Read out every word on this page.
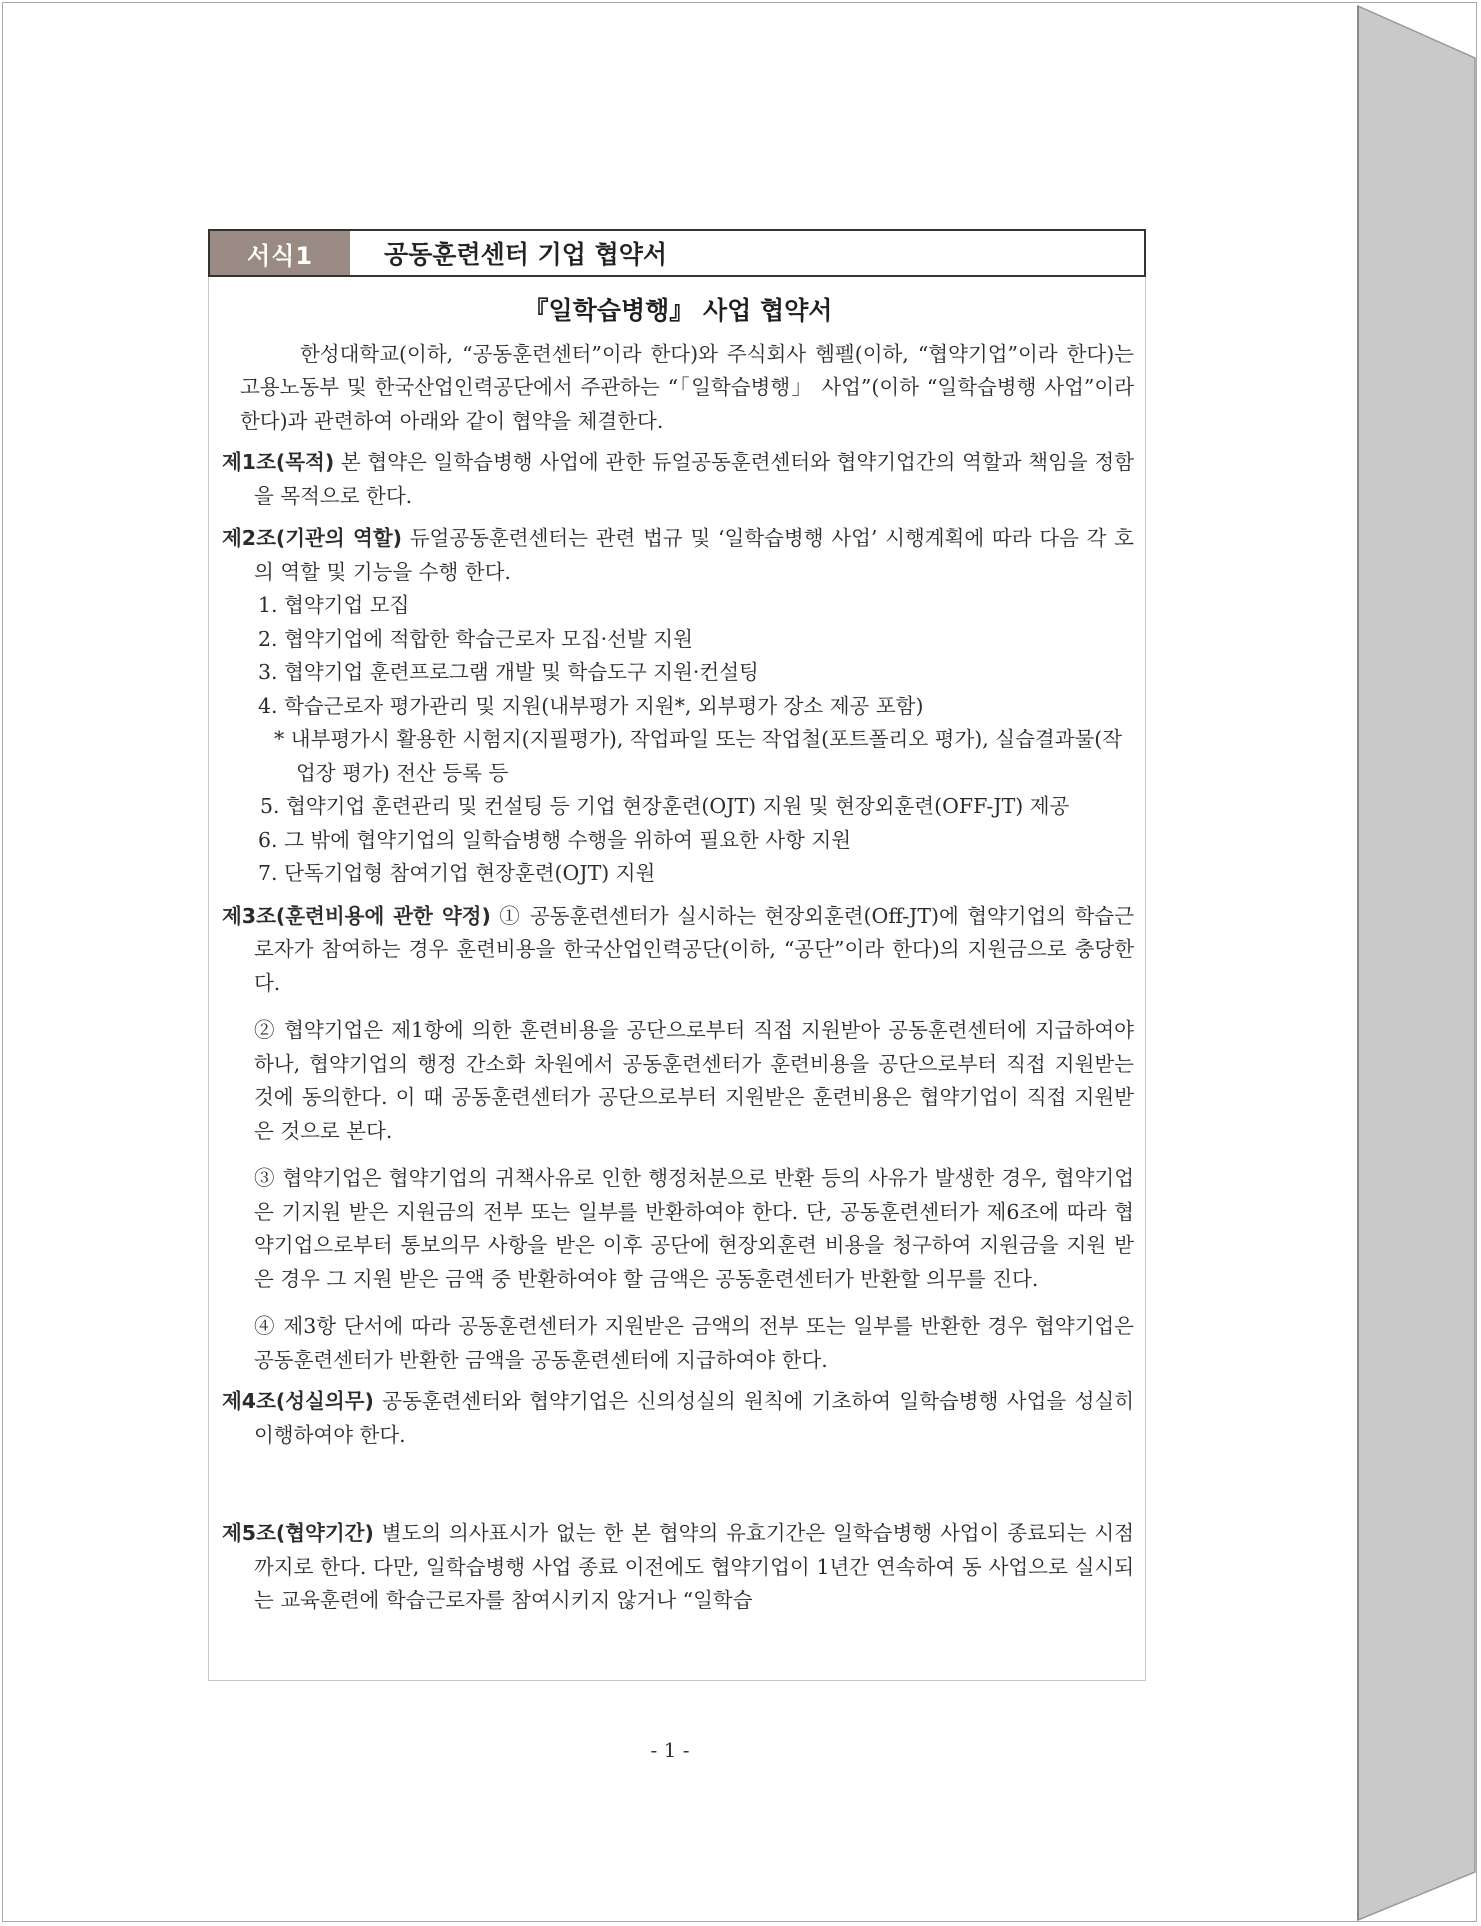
서식1	공동훈련센터 기업 협약서
『일학습병행』 사업 협약서

한성대학교(이하, “공동훈련센터”이라 한다)와 주식회사 헴펠(이하, “협약기업”이라 한다)는 고용노동부 및 한국산업인력공단에서 주관하는 “「일학습병행」 사업”(이하 “일학습병행 사업”이라 한다)과 관련하여 아래와 같이 협약을 체결한다.

제1조(목적) 본 협약은 일학습병행 사업에 관한 듀얼공동훈련센터와 협약기업간의 역할과 책임을 정함을 목적으로 한다.

제2조(기관의 역할) 듀얼공동훈련센터는 관련 법규 및 ‘일학습병행 사업’ 시행계획에 따라 다음 각 호의 역할 및 기능을 수행 한다.
1. 협약기업 모집
2. 협약기업에 적합한 학습근로자 모집·선발 지원
3. 협약기업 훈련프로그램 개발 및 학습도구 지원·컨설팅
4. 학습근로자 평가관리 및 지원(내부평가 지원*, 외부평가 장소 제공 포함)

* 내부평가시 활용한 시험지(지필평가), 작업파일 또는 작업철(포트폴리오 평가), 실습결과물(작업장 평가) 전산 등록 등

5. 협약기업 훈련관리 및 컨설팅 등 기업 현장훈련(OJT) 지원 및 현장외훈련(OFF-JT) 제공
6. 그 밖에 협약기업의 일학습병행 수행을 위하여 필요한 사항 지원
7. 단독기업형 참여기업 현장훈련(OJT) 지원

제3조(훈련비용에 관한 약정) ① 공동훈련센터가 실시하는 현장외훈련(Off-JT)에 협약기업의 학습근로자가 참여하는 경우 훈련비용을 한국산업인력공단(이하, “공단”이라 한다)의 지원금으로 충당한다.

② 협약기업은 제1항에 의한 훈련비용을 공단으로부터 직접 지원받아 공동훈련센터에 지급하여야 하나, 협약기업의 행정 간소화 차원에서 공동훈련센터가 훈련비용을 공단으로부터 직접 지원받는 것에 동의한다. 이 때 공동훈련센터가 공단으로부터 지원받은 훈련비용은 협약기업이 직접 지원받은 것으로 본다.

③ 협약기업은 협약기업의 귀책사유로 인한 행정처분으로 반환 등의 사유가 발생한 경우, 협약기업은 기지원 받은 지원금의 전부 또는 일부를 반환하여야 한다. 단, 공동훈련센터가 제6조에 따라 협약기업으로부터 통보의무 사항을 받은 이후 공단에 현장외훈련 비용을 청구하여 지원금을 지원 받은 경우 그 지원 받은 금액 중 반환하여야 할 금액은 공동훈련센터가 반환할 의무를 진다.

④ 제3항 단서에 따라 공동훈련센터가 지원받은 금액의 전부 또는 일부를 반환한 경우 협약기업은 공동훈련센터가 반환한 금액을 공동훈련센터에 지급하여야 한다.

제4조(성실의무) 공동훈련센터와 협약기업은 신의성실의 원칙에 기초하여 일학습병행 사업을 성실히 이행하여야 한다.

제5조(협약기간) 별도의 의사표시가 없는 한 본 협약의 유효기간은 일학습병행 사업이 종료되는 시점까지로 한다. 다만, 일학습병행 사업 종료 이전에도 협약기업이 1년간 연속하여 동 사업으로 실시되는 교육훈련에 학습근로자를 참여시키지 않거나 “일학습

- 1 -
